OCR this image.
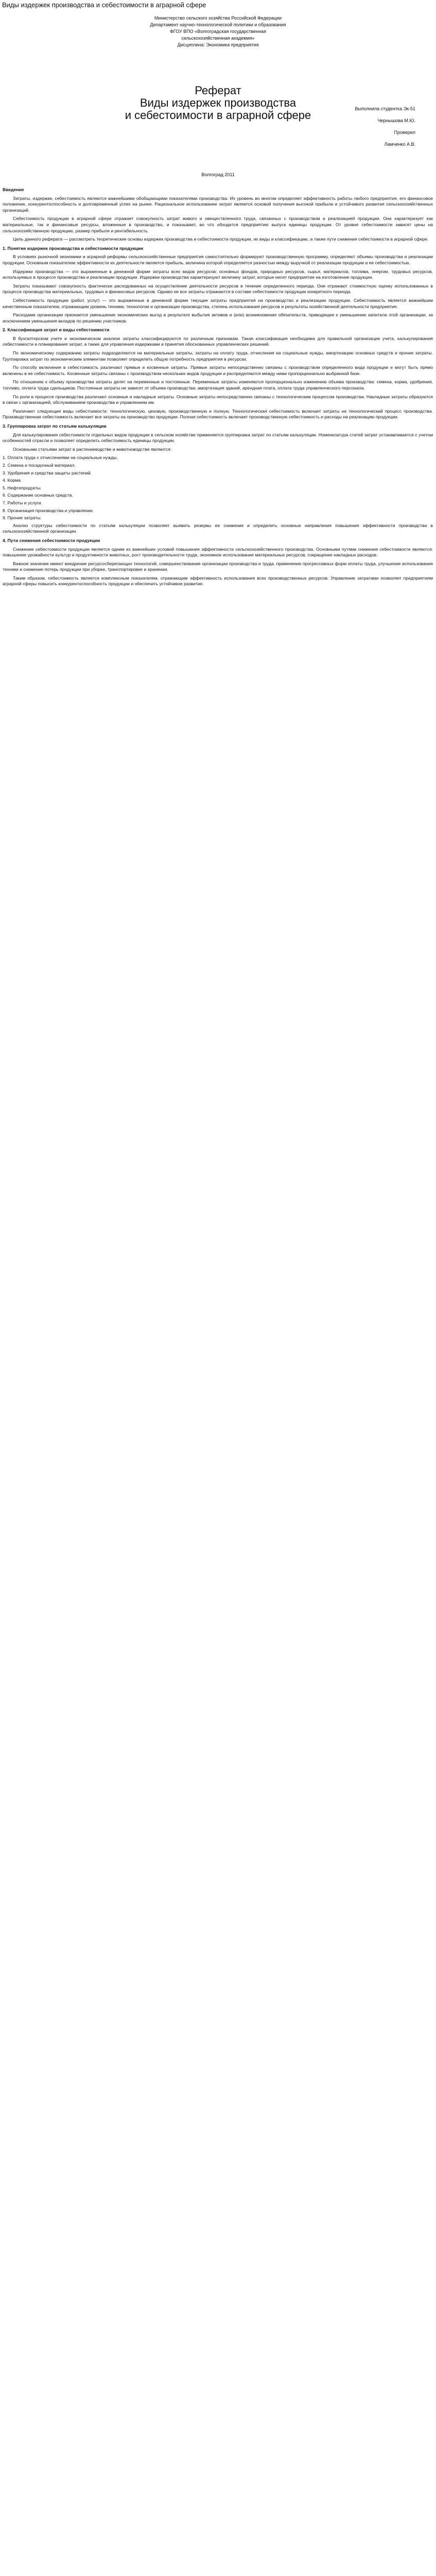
Виды издержек производства и себестоимости в аграрной сфере
Министерство сельского хозяйства Российской Федерации
Департамент научно-технологической политики и образования
ФГОУ ВПО «Волгоградская государственная
сельскохозяйственная академия»
Дисциплина: Экономика предприятия
Реферат
Виды издержек производства
и себестоимости в аграрной сфере	Выполнила студентка Эк-51
Чернышова М.Ю.
Проверил
Ламченко А.В.
Волгоград 2011

Введение

Затраты, издержки, себестоимость являются важнейшими обобщающими показателями производства. Их уровень во многом определяет эффективность работы любого предприятия, его финансовое положение, конкурентоспособность и долговременный успех на рынке. Рациональное использование затрат является основой получения высокой прибыли и устойчивого развития сельскохозяйственных организаций.

Себестоимость продукции в аграрной сфере отражает совокупность затрат живого и овеществленного труда, связанных с производством и реализацией продукции. Она характеризует как материальные, так и финансовые ресурсы, вложенные в производство, и показывает, во что обходится предприятию выпуск единицы продукции. От уровня себестоимости зависят цены на сельскохозяйственную продукцию, размер прибыли и рентабельность.

Цель данного реферата — рассмотреть теоретические основы издержек производства и себестоимости продукции, их виды и классификацию, а также пути снижения себестоимости в аграрной сфере.

1. Понятие издержек производства и себестоимости продукции

В условиях рыночной экономики и аграрной реформы сельскохозяйственные предприятия самостоятельно формируют производственную программу, определяют объемы производства и реализации продукции. Основным показателем эффективности их деятельности является прибыль, величина которой определяется разностью между выручкой от реализации продукции и ее себестоимостью.

Издержки производства — это выраженные в денежной форме затраты всех видов ресурсов: основных фондов, природных ресурсов, сырья, материалов, топлива, энергии, трудовых ресурсов, используемых в процессе производства и реализации продукции. Издержки производства характеризуют величину затрат, которые несет предприятие на изготовление продукции.

Затраты показывают совокупность фактически расходованных на осуществление деятельности ресурсов в течение определенного периода. Они отражают стоимостную оценку использованных в процессе производства материальных, трудовых и финансовых ресурсов. Однако не все затраты отражаются в составе себестоимости продукции конкретного периода.

Себестоимость продукции (работ, услуг) — это выраженные в денежной форме текущие затраты предприятия на производство и реализацию продукции. Себестоимость является важнейшим качественным показателем, отражающим уровень техники, технологии и организации производства, степень использования ресурсов и результаты хозяйственной деятельности предприятия.

Расходами организации признается уменьшение экономических выгод в результате выбытия активов и (или) возникновения обязательств, приводящее к уменьшению капитала этой организации, за исключением уменьшения вкладов по решению участников.

2. Классификация затрат и виды себестоимости

В бухгалтерском учете и экономическом анализе затраты классифицируются по различным признакам. Такая классификация необходима для правильной организации учета, калькулирования себестоимости и планирования затрат, а также для управления издержками и принятия обоснованных управленческих решений.

По экономическому содержанию затраты подразделяются на материальные затраты, затраты на оплату труда, отчисления на социальные нужды, амортизацию основных средств и прочие затраты. Группировка затрат по экономическим элементам позволяет определить общую потребность предприятия в ресурсах.

По способу включения в себестоимость различают прямые и косвенные затраты. Прямые затраты непосредственно связаны с производством определенного вида продукции и могут быть прямо включены в ее себестоимость. Косвенные затраты связаны с производством нескольких видов продукции и распределяются между ними пропорционально выбранной базе.

По отношению к объему производства затраты делят на переменные и постоянные. Переменные затраты изменяются пропорционально изменению объема производства: семена, корма, удобрения, топливо, оплата труда сдельщиков. Постоянные затраты не зависят от объема производства: амортизация зданий, арендная плата, оплата труда управленческого персонала.

По роли в процессе производства различают основные и накладные затраты. Основные затраты непосредственно связаны с технологическим процессом производства. Накладные затраты образуются в связи с организацией, обслуживанием производства и управлением им.

Различают следующие виды себестоимости: технологическую, цеховую, производственную и полную. Технологическая себестоимость включает затраты на технологический процесс производства. Производственная себестоимость включает все затраты на производство продукции. Полная себестоимость включает производственную себестоимость и расходы на реализацию продукции.

3. Группировка затрат по статьям калькуляции

Для калькулирования себестоимости отдельных видов продукции в сельском хозяйстве применяется группировка затрат по статьям калькуляции. Номенклатура статей затрат устанавливается с учетом особенностей отрасли и позволяет определить себестоимость единицы продукции.

Основными статьями затрат в растениеводстве и животноводстве являются:

1. Оплата труда с отчислениями на социальные нужды.

2. Семена и посадочный материал.

3. Удобрения и средства защиты растений.

4. Корма.

5. Нефтепродукты.

6. Содержание основных средств.

7. Работы и услуги.

8. Организация производства и управление.

9. Прочие затраты.

Анализ структуры себестоимости по статьям калькуляции позволяет выявить резервы ее снижения и определить основные направления повышения эффективности производства в сельскохозяйственной организации.

4. Пути снижения себестоимости продукции

Снижение себестоимости продукции является одним из важнейших условий повышения эффективности сельскохозяйственного производства. Основными путями снижения себестоимости являются: повышение урожайности культур и продуктивности животных, рост производительности труда, экономное использование материальных ресурсов, сокращение накладных расходов.

Важное значение имеют внедрение ресурсосберегающих технологий, совершенствование организации производства и труда, применение прогрессивных форм оплаты труда, улучшение использования техники и снижение потерь продукции при уборке, транспортировке и хранении.

Таким образом, себестоимость является комплексным показателем, отражающим эффективность использования всех производственных ресурсов. Управление затратами позволяет предприятиям аграрной сферы повысить конкурентоспособность продукции и обеспечить устойчивое развитие.
